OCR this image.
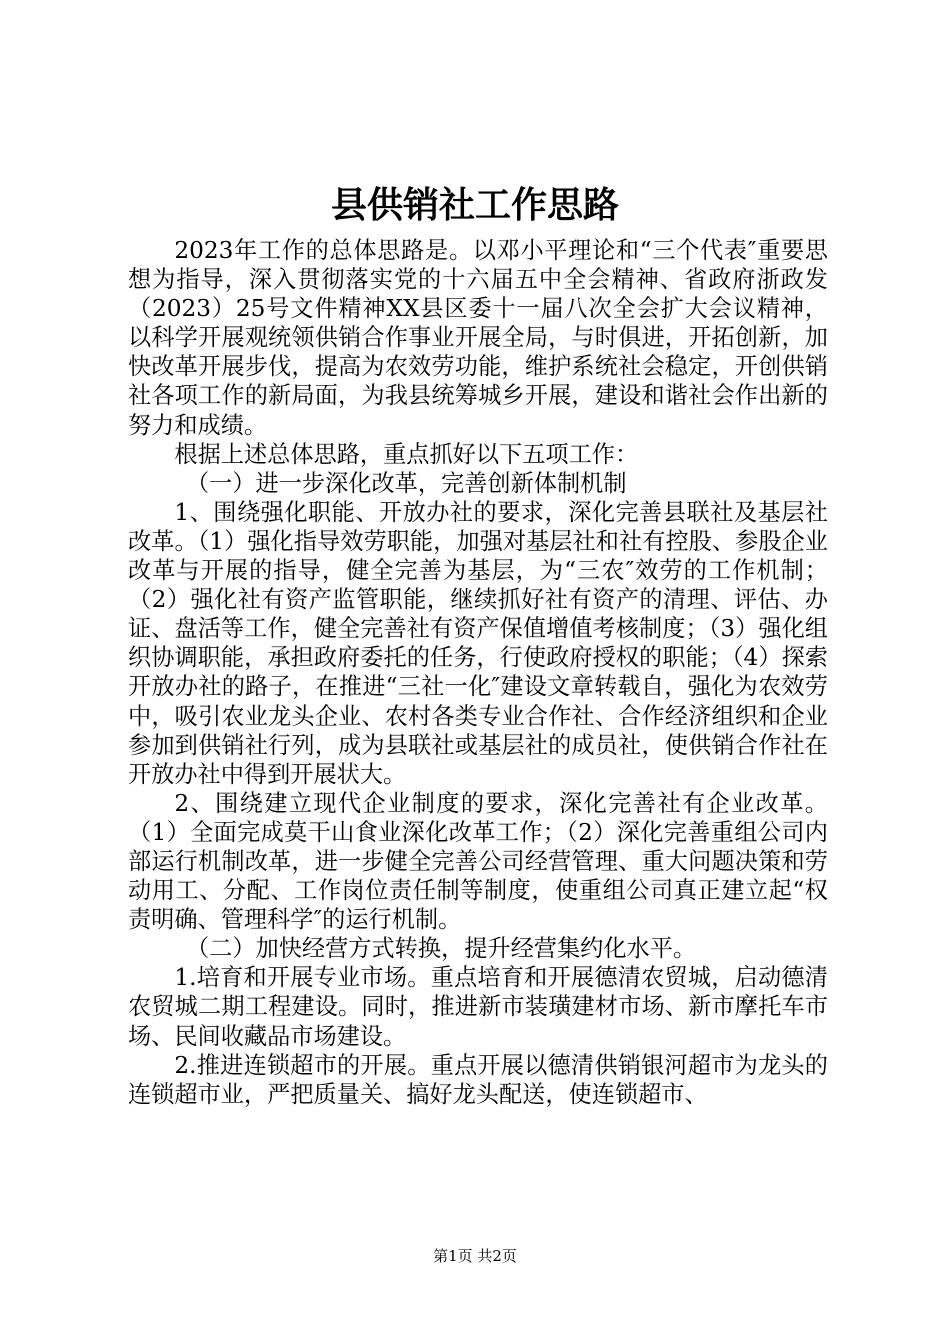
县供销社工作思路

2023年工作的总体思路是。以邓小平理论和“三个代表″重要思想为指导，深入贯彻落实党的十六届五中全会精神、省政府浙政发（2023）25号文件精神XX县区委十一届八次全会扩大会议精神，以科学开展观统领供销合作事业开展全局，与时俱进，开拓创新，加快改革开展步伐，提高为农效劳功能，维护系统社会稳定，开创供销社各项工作的新局面，为我县统筹城乡开展，建设和谐社会作出新的努力和成绩。

根据上述总体思路，重点抓好以下五项工作：

（一）进一步深化改革，完善创新体制机制

1、围绕强化职能、开放办社的要求，深化完善县联社及基层社改革。（1）强化指导效劳职能，加强对基层社和社有控股、参股企业改革与开展的指导，健全完善为基层，为“三农″效劳的工作机制；（2）强化社有资产监管职能，继续抓好社有资产的清理、评估、办证、盘活等工作，健全完善社有资产保值增值考核制度；（3）强化组织协调职能，承担政府委托的任务，行使政府授权的职能；（4）探索开放办社的路子，在推进“三社一化″建设文章转载自，强化为农效劳中，吸引农业龙头企业、农村各类专业合作社、合作经济组织和企业参加到供销社行列，成为县联社或基层社的成员社，使供销合作社在开放办社中得到开展状大。

2、围绕建立现代企业制度的要求，深化完善社有企业改革。（1）全面完成莫干山食业深化改革工作；（2）深化完善重组公司内部运行机制改革，进一步健全完善公司经营管理、重大问题决策和劳动用工、分配、工作岗位责任制等制度，使重组公司真正建立起“权责明确、管理科学″的运行机制。

（二）加快经营方式转换，提升经营集约化水平。

1.培育和开展专业市场。重点培育和开展德清农贸城，启动德清农贸城二期工程建设。同时，推进新市装璜建材市场、新市摩托车市场、民间收藏品市场建设。

2.推进连锁超市的开展。重点开展以德清供销银河超市为龙头的连锁超市业，严把质量关、搞好龙头配送，使连锁超市、

第1页 共2页
